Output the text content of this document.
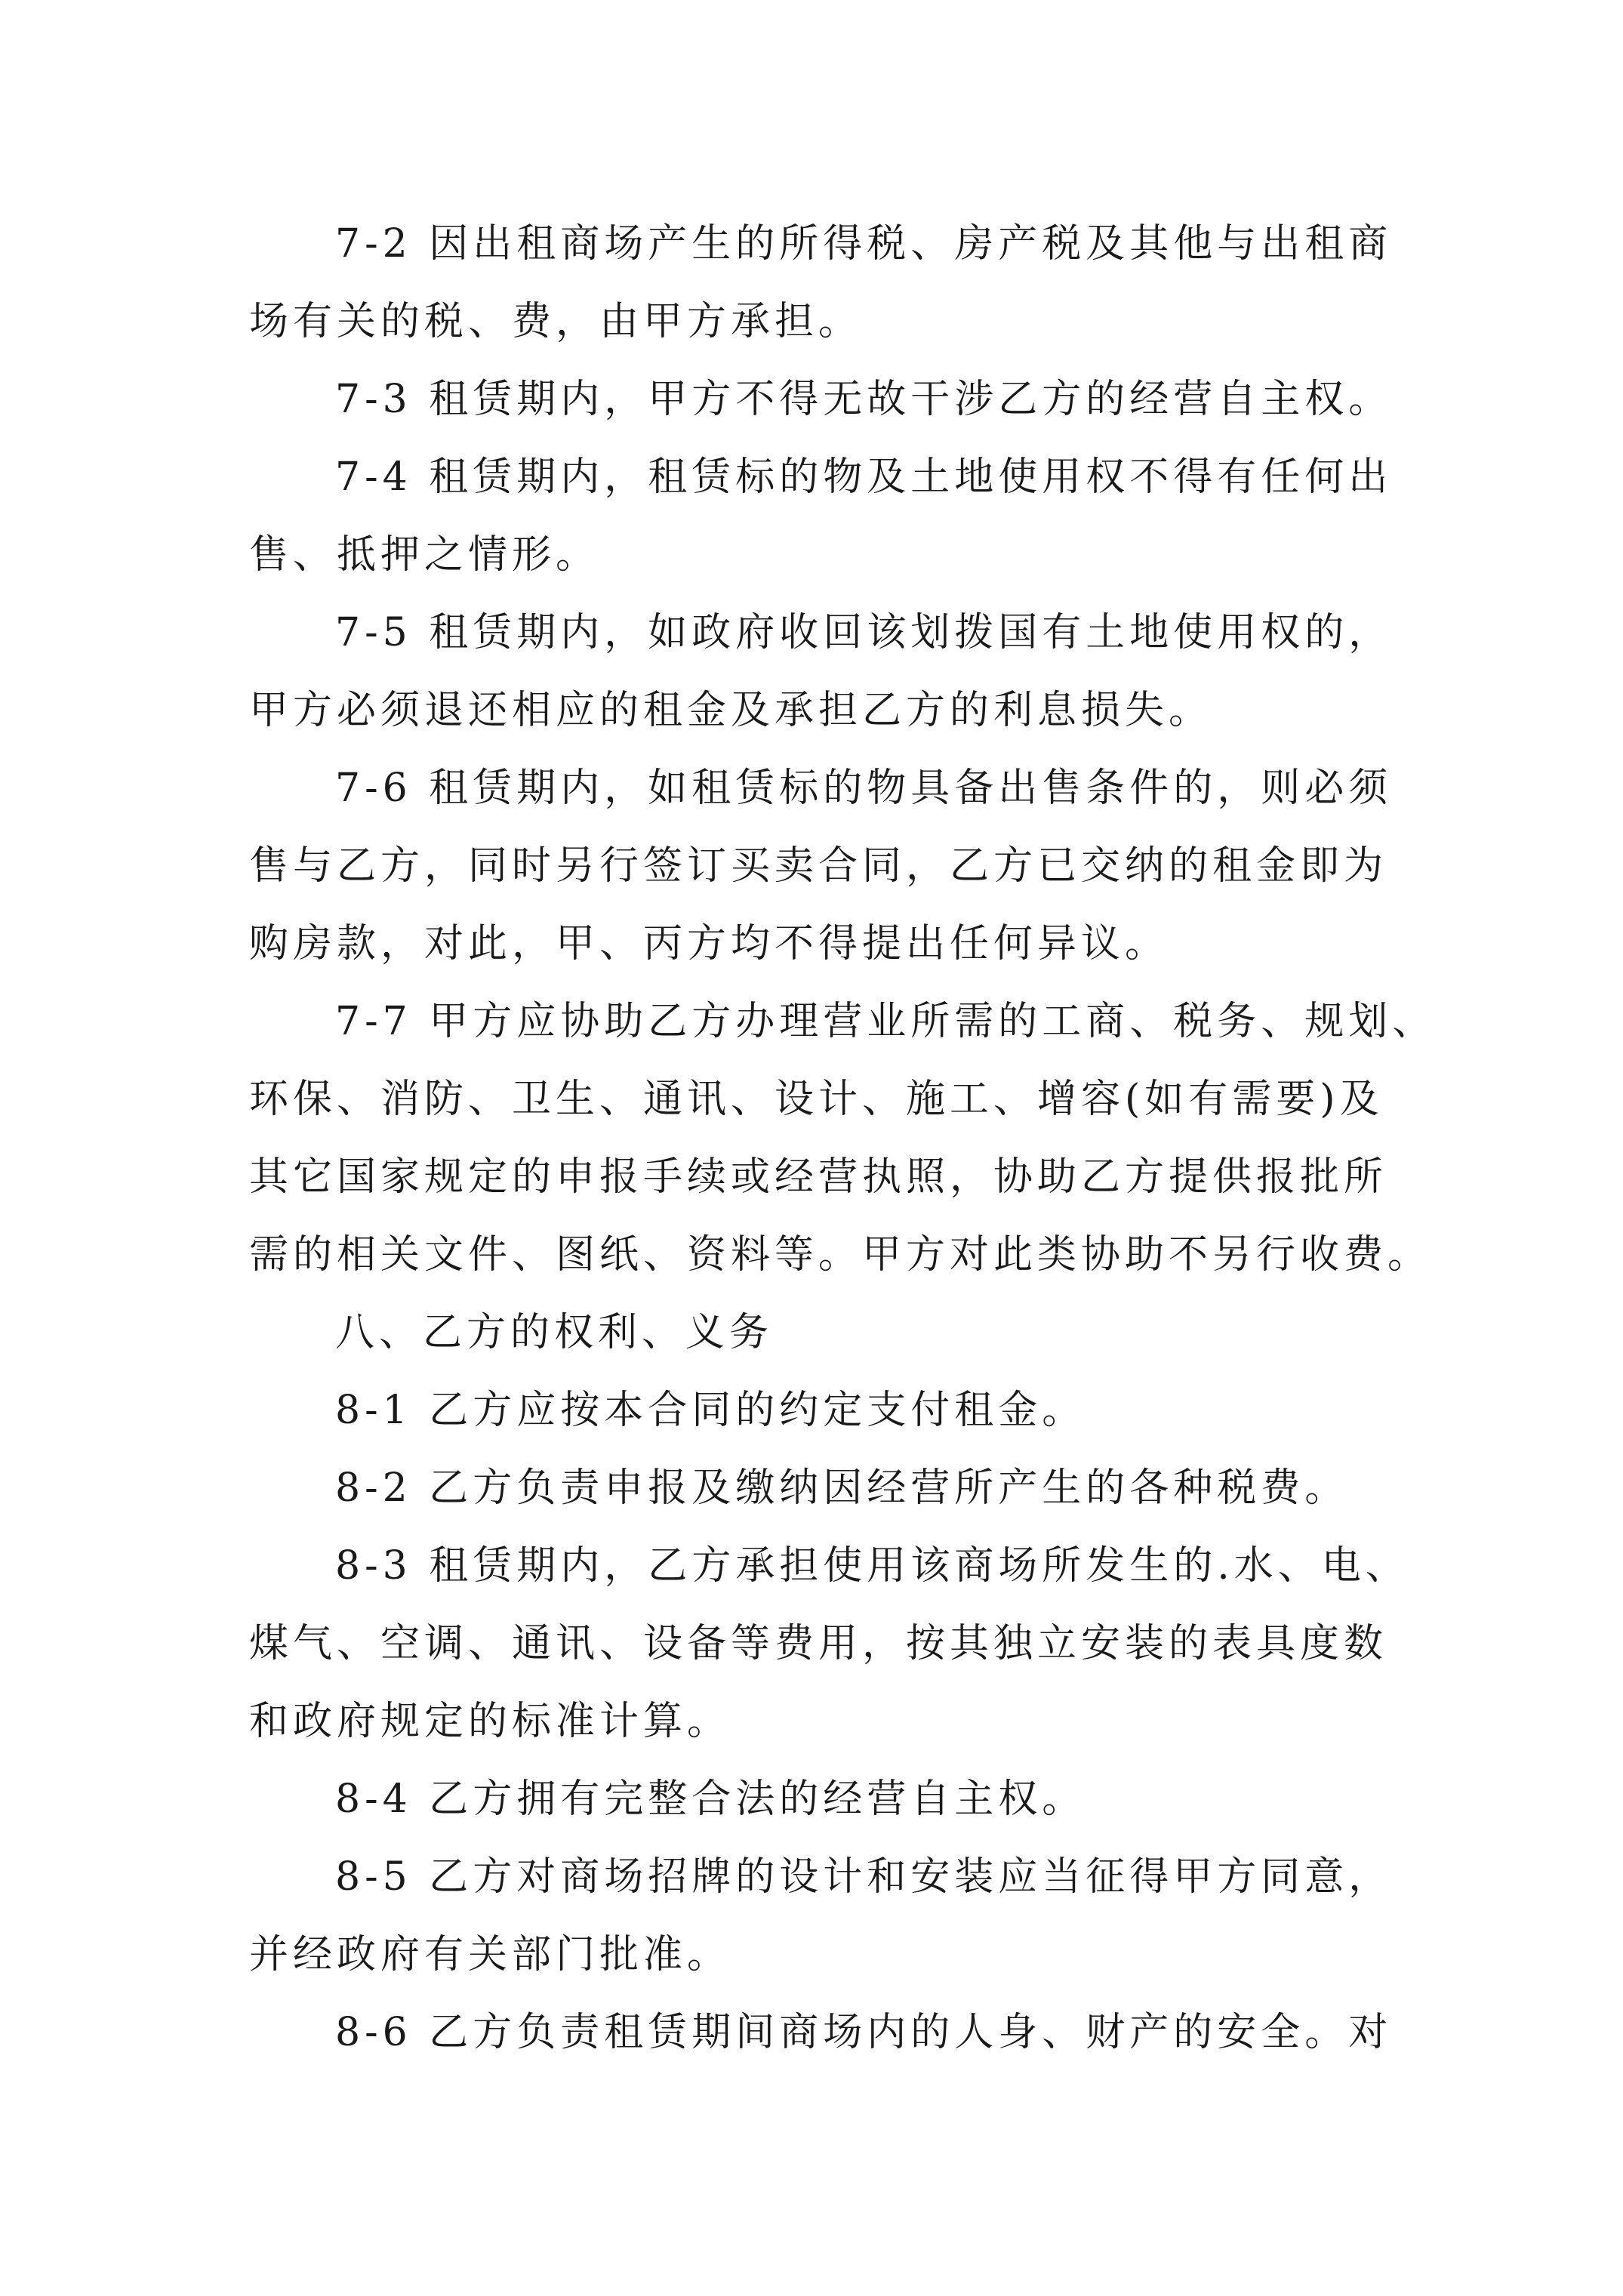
7-2 因出租商场产生的所得税、房产税及其他与出租商
场有关的税、费，由甲方承担。
7-3 租赁期内，甲方不得无故干涉乙方的经营自主权。
7-4 租赁期内，租赁标的物及土地使用权不得有任何出
售、抵押之情形。
7-5 租赁期内，如政府收回该划拨国有土地使用权的，
甲方必须退还相应的租金及承担乙方的利息损失。
7-6 租赁期内，如租赁标的物具备出售条件的，则必须
售与乙方，同时另行签订买卖合同，乙方已交纳的租金即为
购房款，对此，甲、丙方均不得提出任何异议。
7-7 甲方应协助乙方办理营业所需的工商、税务、规划、
环保、消防、卫生、通讯、设计、施工、增容(如有需要)及
其它国家规定的申报手续或经营执照，协助乙方提供报批所
需的相关文件、图纸、资料等。甲方对此类协助不另行收费。
八、乙方的权利、义务
8-1 乙方应按本合同的约定支付租金。
8-2 乙方负责申报及缴纳因经营所产生的各种税费。
8-3 租赁期内，乙方承担使用该商场所发生的.水、电、
煤气、空调、通讯、设备等费用，按其独立安装的表具度数
和政府规定的标准计算。
8-4 乙方拥有完整合法的经营自主权。
8-5 乙方对商场招牌的设计和安装应当征得甲方同意，
并经政府有关部门批准。
8-6 乙方负责租赁期间商场内的人身、财产的安全。对
